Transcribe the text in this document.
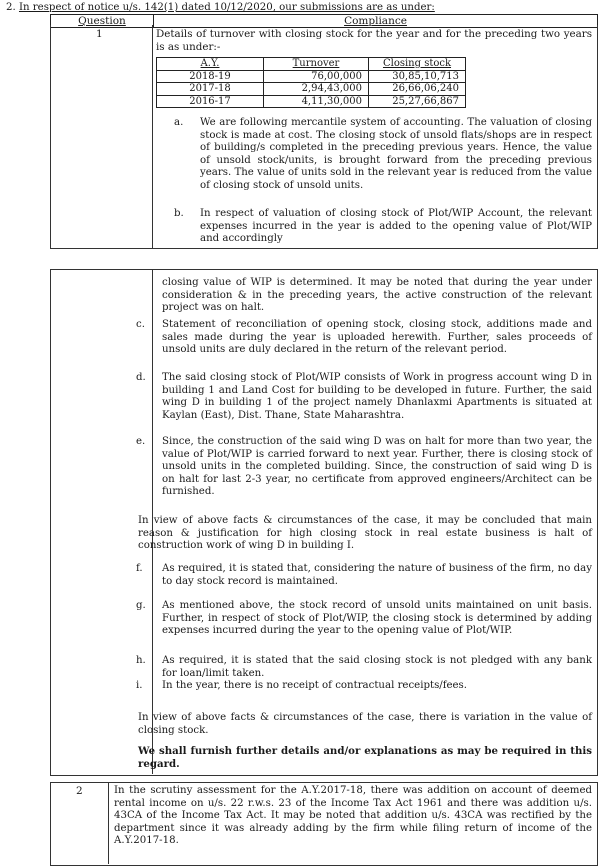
2. In respect of notice u/s. 142(1) dated 10/12/2020, our submissions are as under:
Question	Compliance
1	Details of turnover with closing stock for the year and for the preceding two years is as under:-
A.Y.	Turnover	Closing stock
2018-19	76,00,000	30,85,10,713
2017-18	2,94,43,000	26,66,06,240
2016-17	4,11,30,000	25,27,66,867
a. We are following mercantile system of accounting. The valuation of closing stock is made at cost. The closing stock of unsold flats/shops are in respect of building/s completed in the preceding previous years. Hence, the value of unsold stock/units, is brought forward from the preceding previous years. The value of units sold in the relevant year is reduced from the value of closing stock of unsold units.
b. In respect of valuation of closing stock of Plot/WIP Account, the relevant expenses incurred in the year is added to the opening value of Plot/WIP and accordingly
closing value of WIP is determined. It may be noted that during the year under consideration & in the preceding years, the active construction of the relevant project was on halt.
c. Statement of reconciliation of opening stock, closing stock, additions made and sales made during the year is uploaded herewith. Further, sales proceeds of unsold units are duly declared in the return of the relevant period.
d. The said closing stock of Plot/WIP consists of Work in progress account wing D in building 1 and Land Cost for building to be developed in future. Further, the said wing D in building 1 of the project namely Dhanlaxmi Apartments is situated at Kaylan (East), Dist. Thane, State Maharashtra.
e. Since, the construction of the said wing D was on halt for more than two year, the value of Plot/WIP is carried forward to next year. Further, there is closing stock of unsold units in the completed building. Since, the construction of said wing D is on halt for last 2-3 year, no certificate from approved engineers/Architect can be furnished.
In view of above facts & circumstances of the case, it may be concluded that main reason & justification for high closing stock in real estate business is halt of construction work of wing D in building I.
f. As required, it is stated that, considering the nature of business of the firm, no day to day stock record is maintained.
g. As mentioned above, the stock record of unsold units maintained on unit basis. Further, in respect of stock of Plot/WIP, the closing stock is determined by adding expenses incurred during the year to the opening value of Plot/WIP.
h. As required, it is stated that the said closing stock is not pledged with any bank for loan/limit taken.
i. In the year, there is no receipt of contractual receipts/fees.
In view of above facts & circumstances of the case, there is variation in the value of closing stock.
We shall furnish further details and/or explanations as may be required in this regard.
2	In the scrutiny assessment for the A.Y.2017-18, there was addition on account of deemed rental income on u/s. 22 r.w.s. 23 of the Income Tax Act 1961 and there was addition u/s. 43CA of the Income Tax Act. It may be noted that addition u/s. 43CA was rectified by the department since it was already adding by the firm while filing return of income of the A.Y.2017-18.
